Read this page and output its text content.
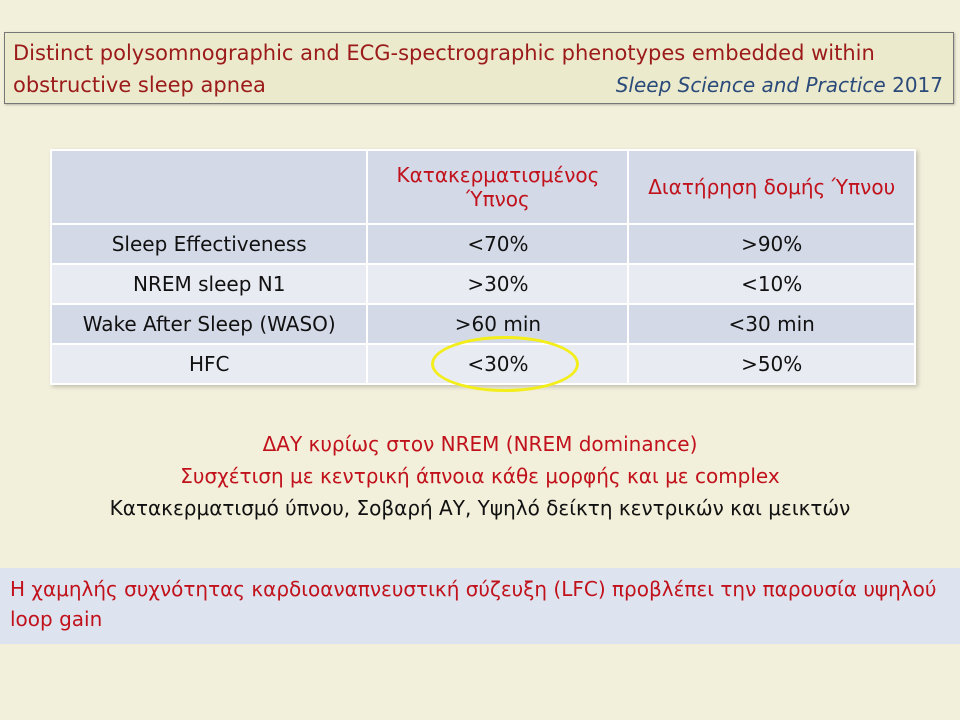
Distinct polysomnographic and ECG-spectrographic phenotypes embedded within
obstructive sleep apnea	Sleep Science and Practice 2017
	Κατακερματισμένος Ύπνος	Διατήρηση δομής Ύπνου
Sleep Effectiveness	<70%	>90%
NREM sleep N1	>30%	<10%
Wake After Sleep (WASO)	>60 min	<30 min
HFC	<30%	>50%
ΔΑΥ κυρίως στον NREM (NREM dominance)
Συσχέτιση με κεντρική άπνοια κάθε μορφής και με complex
Κατακερματισμό ύπνου, Σοβαρή ΑΥ, Υψηλό δείκτη κεντρικών και μεικτών
Η χαμηλής συχνότητας καρδιοαναπνευστική σύζευξη (LFC) προβλέπει την παρουσία υψηλού loop gain
